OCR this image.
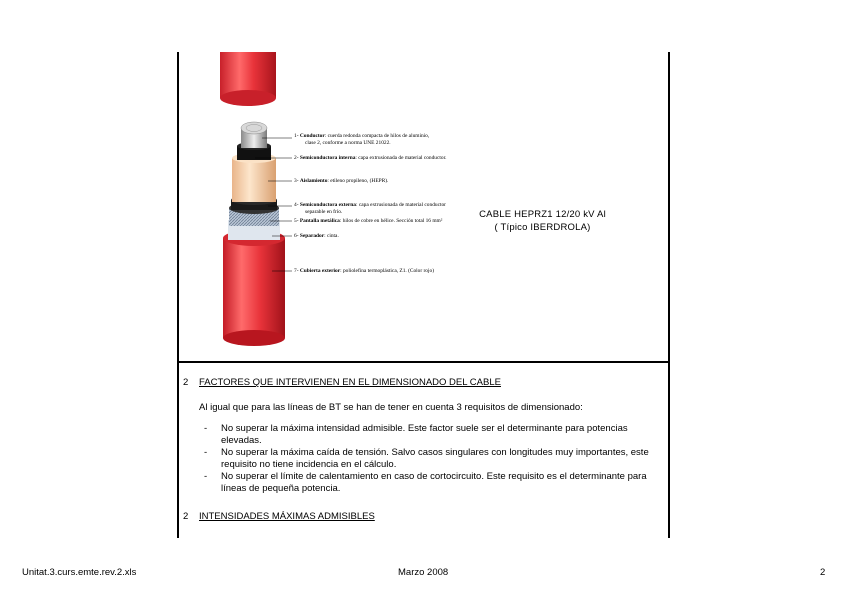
1- Conductor: cuerda redonda compacta de hilos de aluminio,
clase 2, conforme a norma UNE 21022.
2- Semiconductora interna: capa extrusionada de material conductor.
3- Aislamiento: etileno propileno, (HEPR).
4- Semiconductora externa: capa extrusionada de material conductor
separable en frío.
5- Pantalla metálica: hilos de cobre en hélice. Sección total 16 mm²
6- Separador: cinta.
7- Cubierta exterior: poliolefina termoplástica, Z1. (Color rojo)
CABLE HEPRZ1 12/20 kV Al
( Típico IBERDROLA)
2 FACTORES QUE INTERVIENEN EN EL DIMENSIONADO DEL CABLE
Al igual que para las líneas de BT se han de tener en cuenta 3 requisitos de dimensionado:
- No superar la máxima intensidad admisible. Este factor suele ser el determinante para potencias elevadas.
- No superar la máxima caída de tensión. Salvo casos singulares con longitudes muy importantes, este requisito no tiene incidencia en el cálculo.
- No superar el límite de calentamiento en caso de cortocircuito. Este requisito es el determinante para líneas de pequeña potencia.
2 INTENSIDADES MÁXIMAS ADMISIBLES
Unitat.3.curs.emte.rev.2.xls	Marzo 2008	2
